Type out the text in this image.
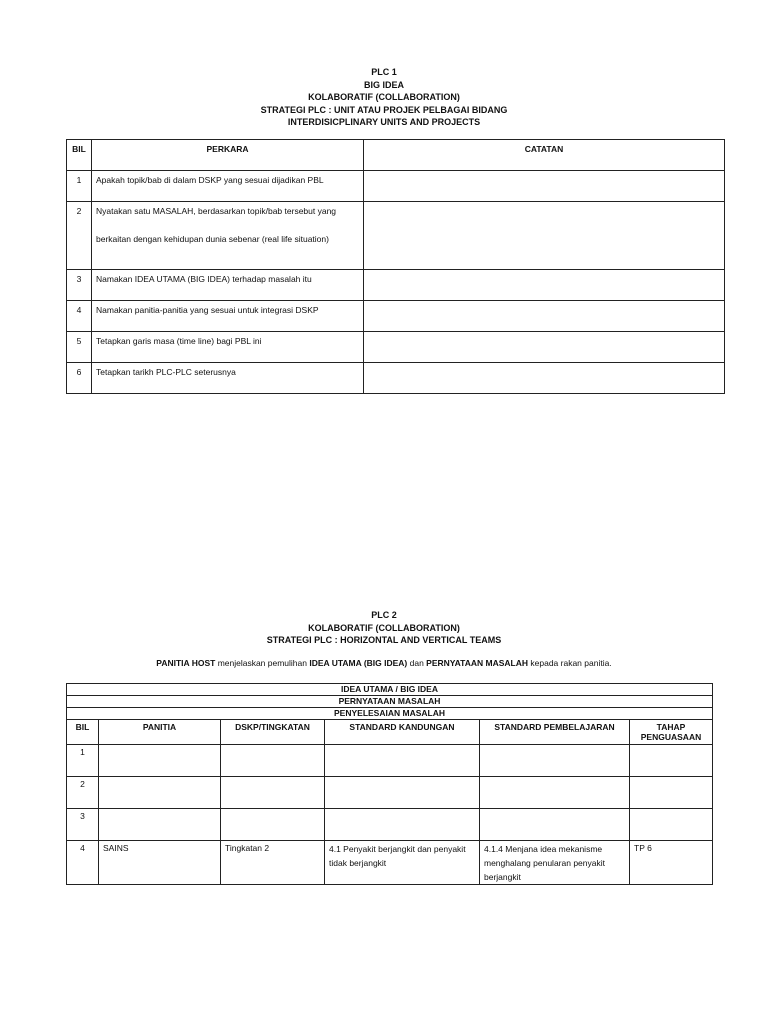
PLC 1
BIG IDEA
KOLABORATIF (COLLABORATION)
STRATEGI PLC : UNIT ATAU PROJEK PELBAGAI BIDANG
INTERDISICPLINARY UNITS AND PROJECTS
BIL	PERKARA	CATATAN
1	Apakah topik/bab di dalam DSKP yang sesuai dijadikan PBL	
2	Nyatakan satu MASALAH, berdasarkan topik/bab tersebut yang
berkaitan dengan kehidupan dunia sebenar (real life situation)	
3	Namakan IDEA UTAMA (BIG IDEA) terhadap masalah itu	
4	Namakan panitia-panitia yang sesuai untuk integrasi DSKP	
5	Tetapkan garis masa (time line) bagi PBL ini	
6	Tetapkan tarikh PLC-PLC seterusnya	
PLC 2
KOLABORATIF (COLLABORATION)
STRATEGI PLC : HORIZONTAL AND VERTICAL TEAMS
PANITIA HOST menjelaskan pemulihan IDEA UTAMA (BIG IDEA) dan PERNYATAAN MASALAH kepada rakan panitia.
IDEA UTAMA / BIG IDEA					
PERNYATAAN MASALAH					
PENYELESAIAN MASALAH					
BIL	PANITIA	DSKP/TINGKATAN	STANDARD KANDUNGAN	STANDARD PEMBELAJARAN	TAHAP
PENGUASAAN
1					
2					
3					
4	SAINS	Tingkatan 2	4.1 Penyakit berjangkit dan penyakit tidak berjangkit	4.1.4 Menjana idea mekanisme menghalang penularan penyakit berjangkit	TP 6
